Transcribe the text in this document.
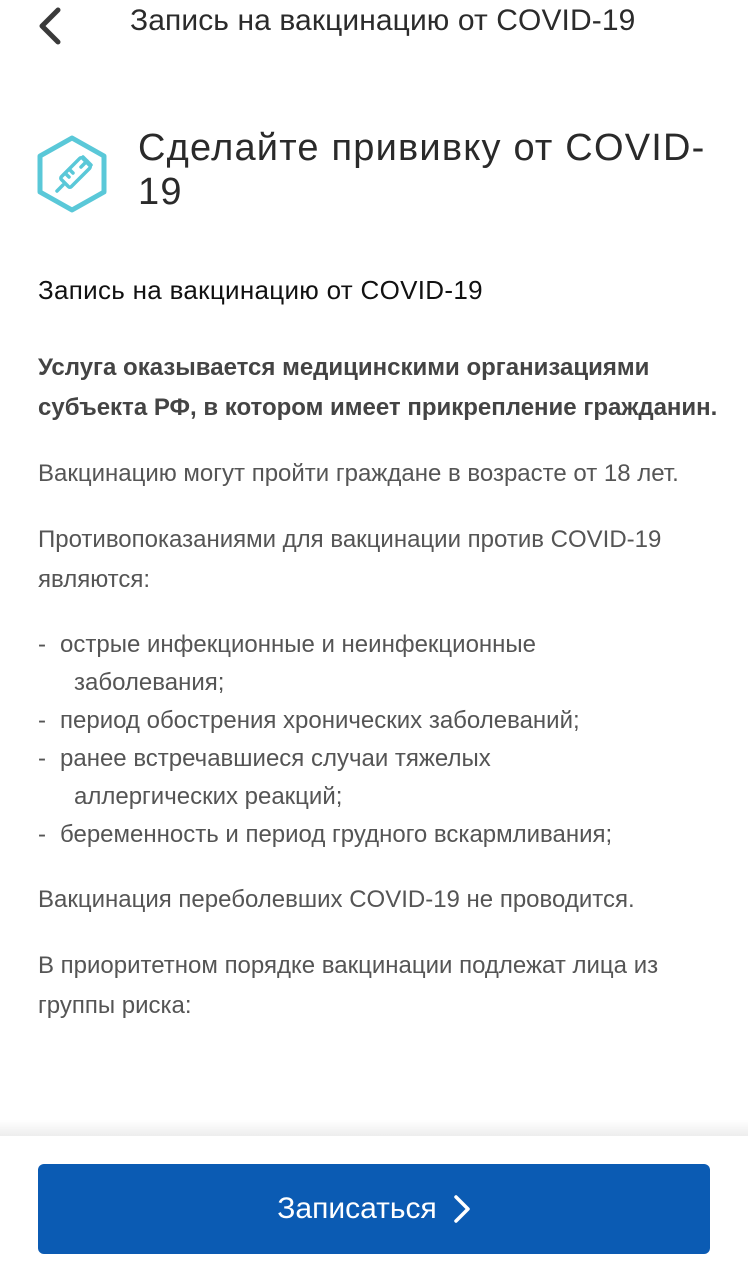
Запись на вакцинацию от COVID-19
Сделайте прививку от COVID-19
Запись на вакцинацию от COVID-19

Услуга оказывается медицинскими организациями субъекта РФ, в котором имеет прикрепление гражданин.

Вакцинацию могут пройти граждане в возрасте от 18 лет.

Противопоказаниями для вакцинации против COVID-19 являются:

- острые инфекционные и неинфекционные
заболевания;
- период обострения хронических заболеваний;
- ранее встречавшиеся случаи тяжелых
аллергических реакций;
- беременность и период грудного вскармливания;

Вакцинация переболевших COVID-19 не проводится.

В приоритетном порядке вакцинации подлежат лица из группы риска:

Записаться
